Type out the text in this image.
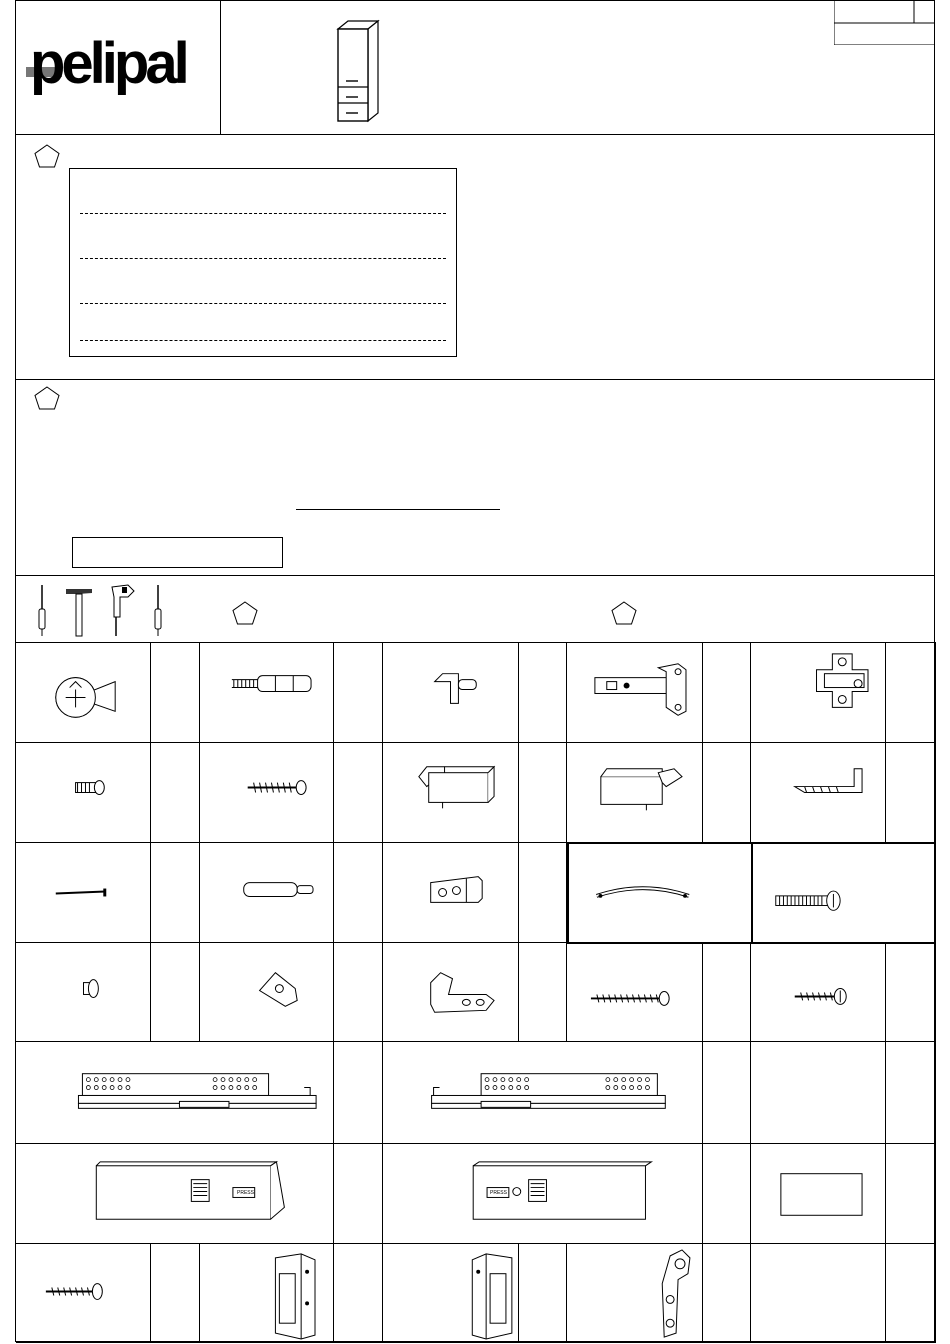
pelipal
PRESS	PRESS
